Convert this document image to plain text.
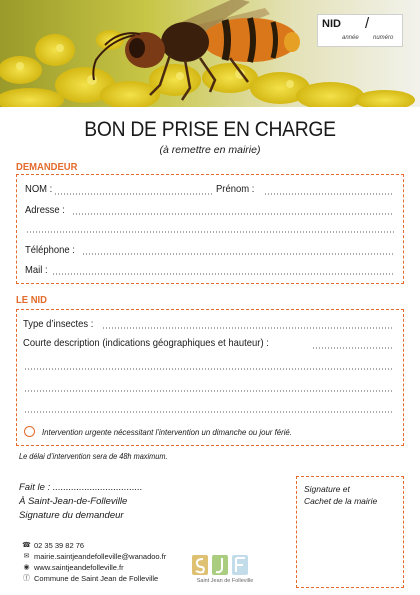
NID /
année numéro
BON DE PRISE EN CHARGE
(à remettre en mairie)
DEMANDEUR
NOM :	Prénom :
Adresse :
Téléphone :
Mail :
LE NID
Type d’insectes :
Courte description (indications géographiques et hauteur) :
Intervention urgente nécessitant l’intervention un dimanche ou jour férié.
Le délai d’intervention sera de 48h maximum.
Fait le : ..................................
À Saint-Jean-de-Folleville
Signature du demandeur
Signature et
Cachet de la mairie
☎ 02 35 39 82 76
✉ mairie.saintjeandefolleville@wanadoo.fr
◉ www.saintjeandefolleville.fr
ⓕ Commune de Saint Jean de Folleville	Saint Jean de Folleville
